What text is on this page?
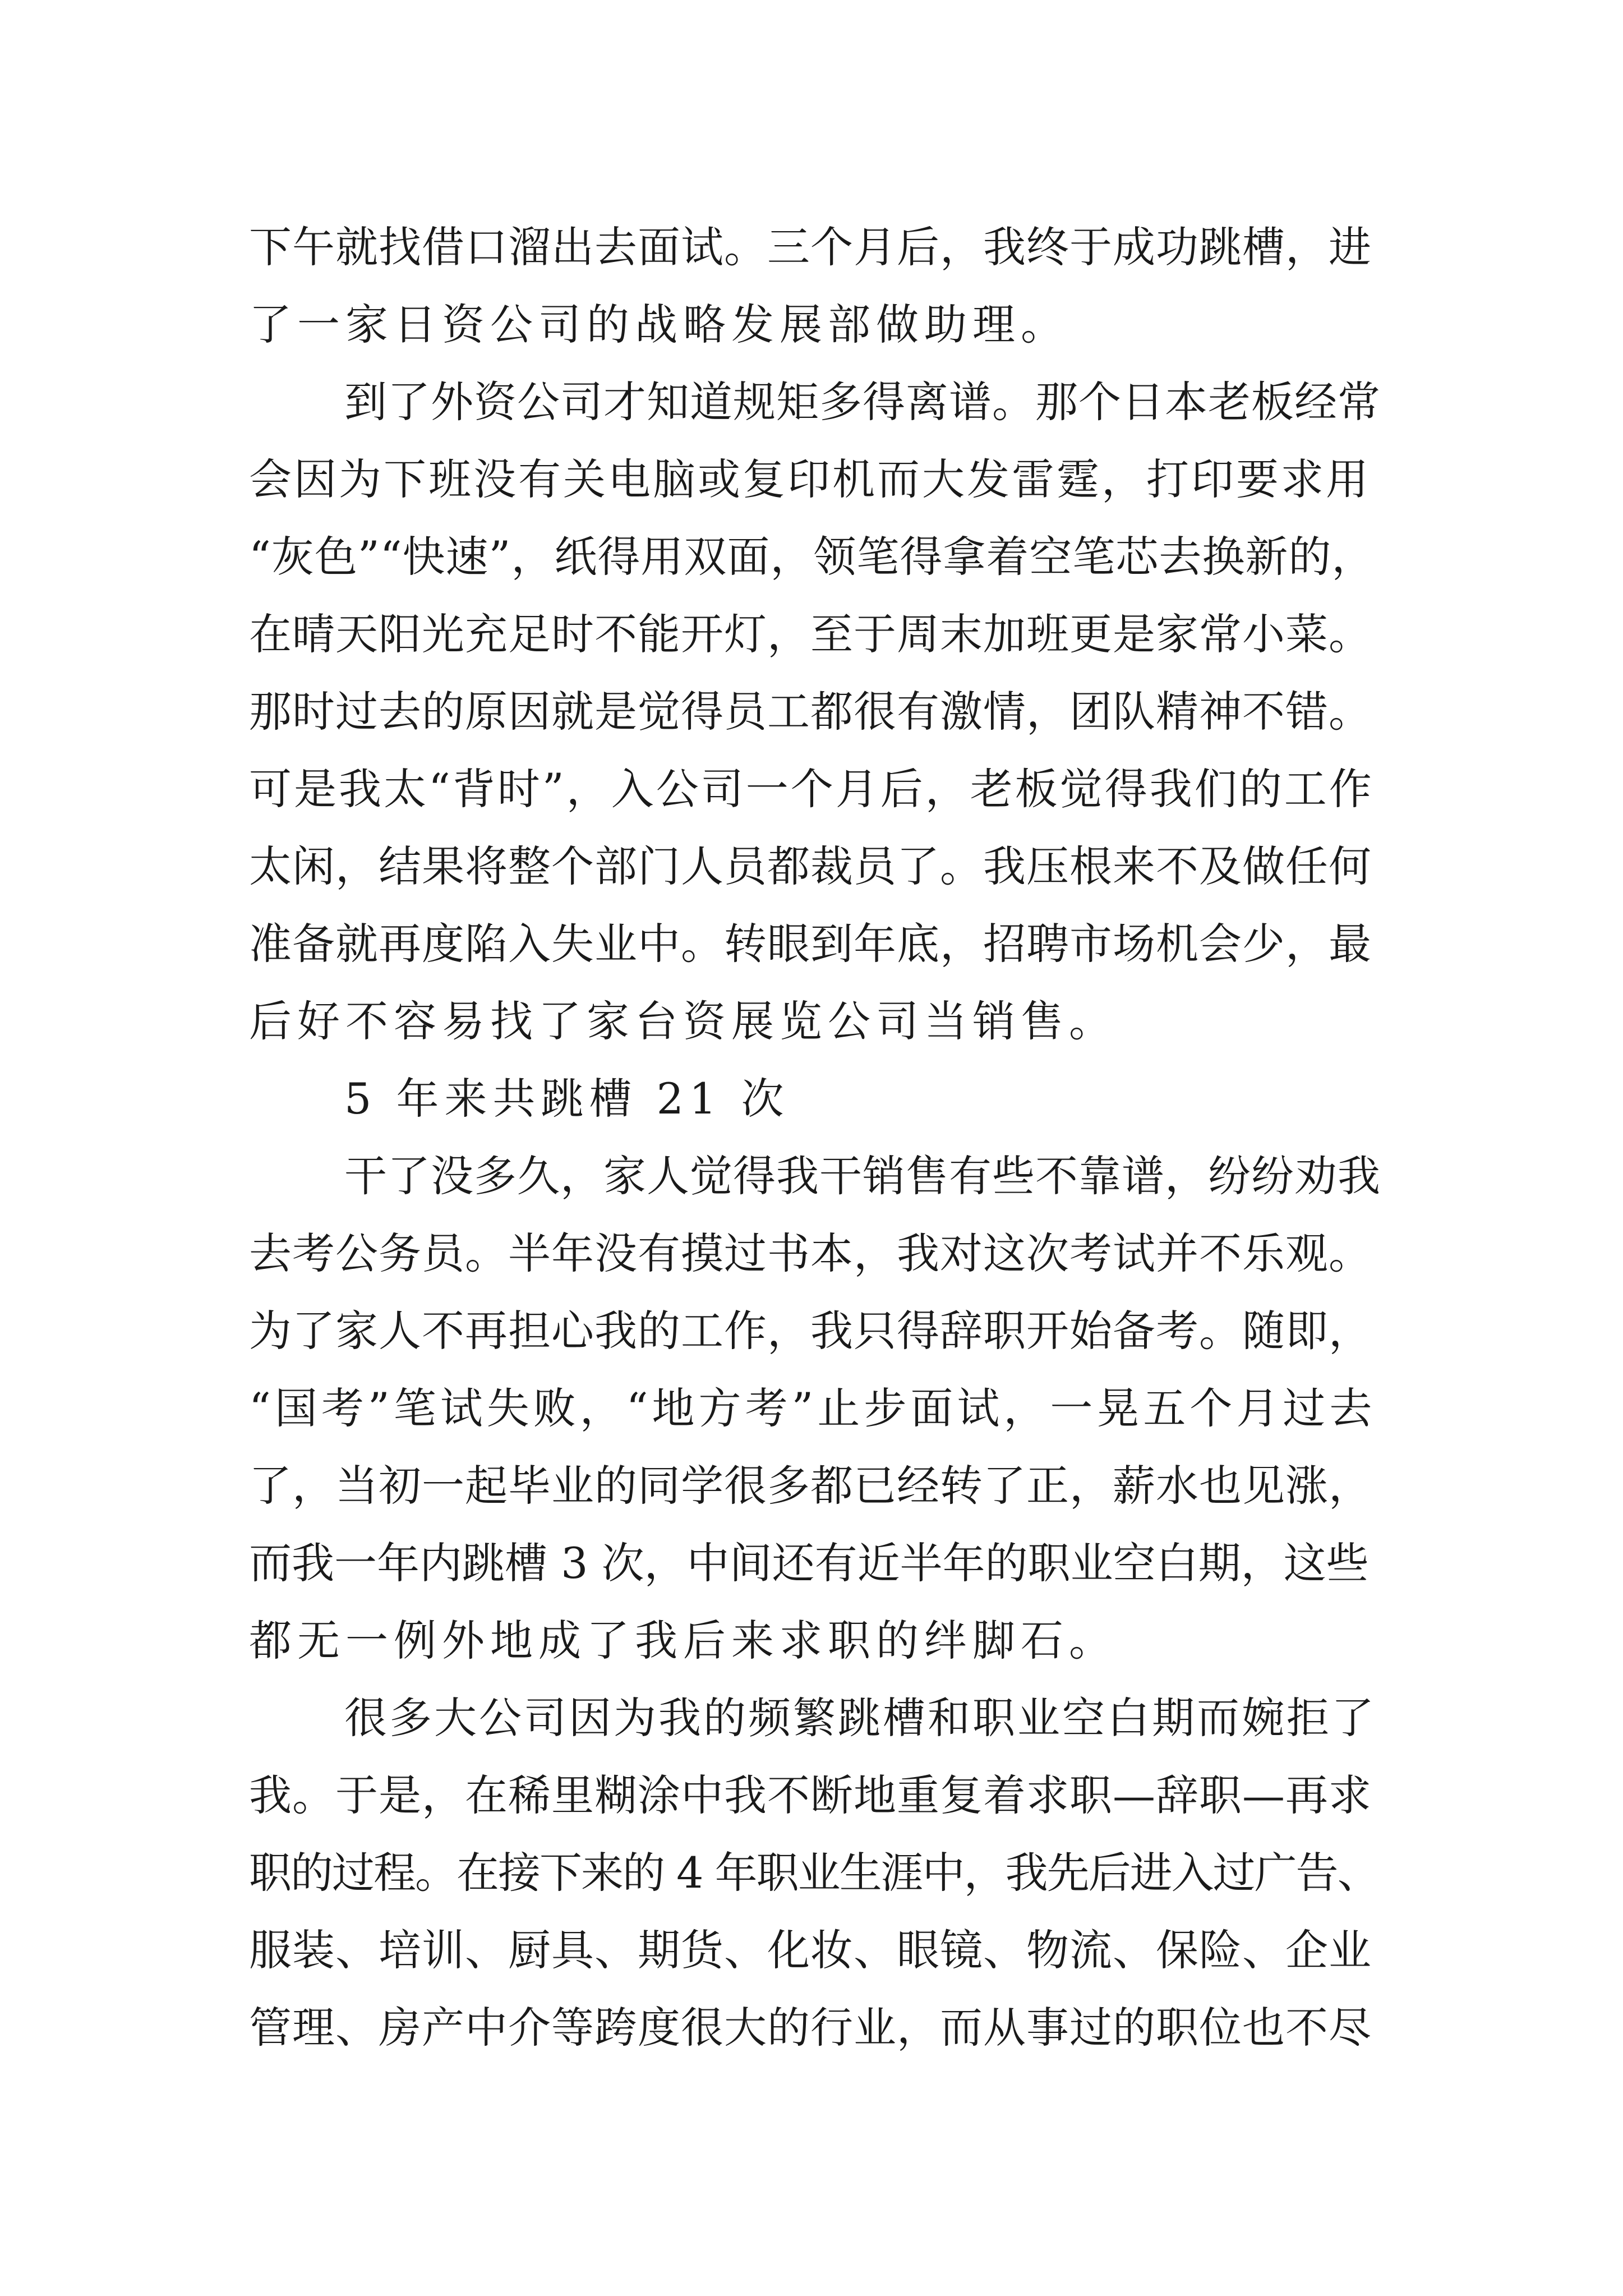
下午就找借口溜出去面试。三个月后，我终于成功跳槽，进
了一家日资公司的战略发展部做助理。
到了外资公司才知道规矩多得离谱。那个日本老板经常
会因为下班没有关电脑或复印机而大发雷霆，打印要求用
“灰色”“快速”，纸得用双面，领笔得拿着空笔芯去换新的，
在晴天阳光充足时不能开灯，至于周末加班更是家常小菜。
那时过去的原因就是觉得员工都很有激情，团队精神不错。
可是我太“背时”，入公司一个月后，老板觉得我们的工作
太闲，结果将整个部门人员都裁员了。我压根来不及做任何
准备就再度陷入失业中。转眼到年底，招聘市场机会少，最
后好不容易找了家台资展览公司当销售。
5 年来共跳槽 21 次
干了没多久，家人觉得我干销售有些不靠谱，纷纷劝我
去考公务员。半年没有摸过书本，我对这次考试并不乐观。
为了家人不再担心我的工作，我只得辞职开始备考。随即，
“国考”笔试失败，“地方考”止步面试，一晃五个月过去
了，当初一起毕业的同学很多都已经转了正，薪水也见涨，
而我一年内跳槽 3 次，中间还有近半年的职业空白期，这些
都无一例外地成了我后来求职的绊脚石。
很多大公司因为我的频繁跳槽和职业空白期而婉拒了
我。于是，在稀里糊涂中我不断地重复着求职—辞职—再求
职的过程。在接下来的 4 年职业生涯中，我先后进入过广告、
服装、培训、厨具、期货、化妆、眼镜、物流、保险、企业
管理、房产中介等跨度很大的行业，而从事过的职位也不尽
